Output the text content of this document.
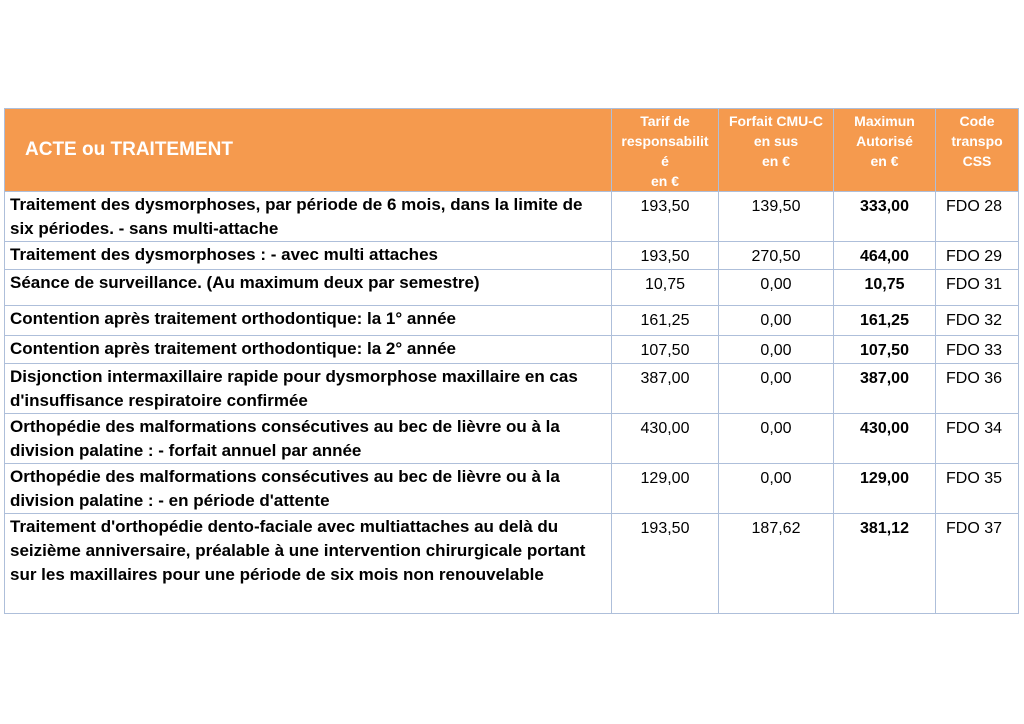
ACTE ou TRAITEMENT	Tarif de
responsabilit
é
en €	Forfait CMU-C
en sus
en €	Maximun
Autorisé
en €	Code
transpo
CSS

Traitement des dysmorphoses, par période de 6 mois, dans la limite de six périodes. - sans multi-attache	193,50	139,50	333,00	FDO 28
Traitement des dysmorphoses : - avec multi attaches	193,50	270,50	464,00	FDO 29
Séance de surveillance. (Au maximum deux par semestre)	10,75	0,00	10,75	FDO 31
Contention après traitement orthodontique: la 1° année	161,25	0,00	161,25	FDO 32
Contention après traitement orthodontique: la 2° année	107,50	0,00	107,50	FDO 33
Disjonction intermaxillaire rapide pour dysmorphose maxillaire en cas d'insuffisance respiratoire confirmée	387,00	0,00	387,00	FDO 36
Orthopédie des malformations consécutives au bec de lièvre ou à la division palatine : - forfait annuel par année	430,00	0,00	430,00	FDO 34
Orthopédie des malformations consécutives au bec de lièvre ou à la division palatine : - en période d'attente	129,00	0,00	129,00	FDO 35
Traitement d'orthopédie dento-faciale avec multiattaches au delà du seizième anniversaire, préalable à une intervention chirurgicale portant sur les maxillaires pour une période de six mois non renouvelable	193,50	187,62	381,12	FDO 37
